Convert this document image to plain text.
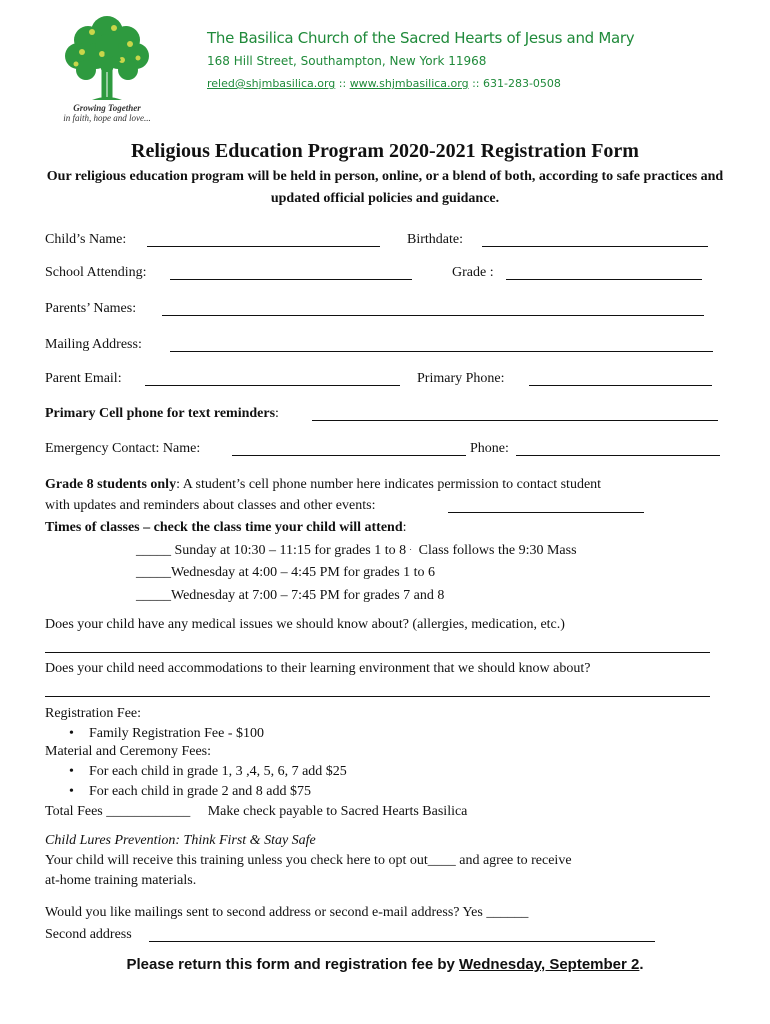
Growing Together
in faith, hope and love...
The Basilica Church of the Sacred Hearts of Jesus and Mary
168 Hill Street, Southampton, New York 11968
reled@shjmbasilica.org :: www.shjmbasilica.org :: 631-283-0508
Religious Education Program 2020-2021 Registration Form
Our religious education program will be held in person, online, or a blend of both, according to safe practices and updated official policies and guidance.
Child’s Name:	Birthdate:
School Attending:	Grade :
Parents’ Names:
Mailing Address:
Parent Email:	Primary Phone:
Primary Cell phone for text reminders:
Emergency Contact: Name:	Phone:
Grade 8 students only: A student’s cell phone number here indicates permission to contact student
with updates and reminders about classes and other events:
Times of classes – check the class time your child will attend:
_____ Sunday at 10:30 – 11:15 for grades 1 to 8 . Class follows the 9:30 Mass
_____Wednesday at 4:00 – 4:45 PM for grades 1 to 6
_____Wednesday at 7:00 – 7:45 PM for grades 7 and 8
Does your child have any medical issues we should know about? (allergies, medication, etc.)
Does your child need accommodations to their learning environment that we should know about?
Registration Fee:
• Family Registration Fee - $100
Material and Ceremony Fees:
• For each child in grade 1, 3 ,4, 5, 6, 7 add $25
• For each child in grade 2 and 8 add $75
Total Fees ____________ Make check payable to Sacred Hearts Basilica
Child Lures Prevention: Think First & Stay Safe
Your child will receive this training unless you check here to opt out____ and agree to receive
at-home training materials.
Would you like mailings sent to second address or second e-mail address? Yes ______
Second address
Please return this form and registration fee by Wednesday, September 2.
